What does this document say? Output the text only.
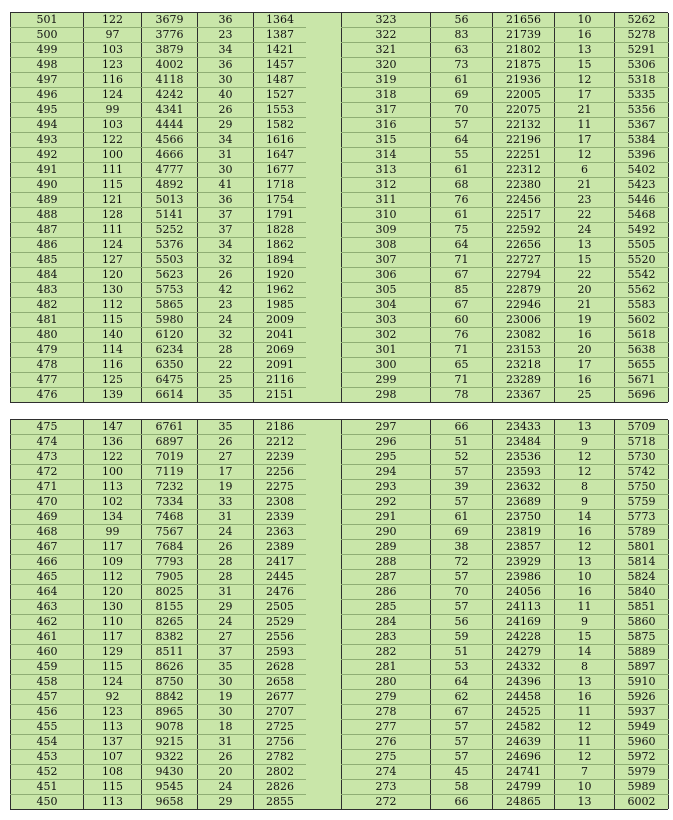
501	122	3679	36	1364
500	97	3776	23	1387
499	103	3879	34	1421
498	123	4002	36	1457
497	116	4118	30	1487
496	124	4242	40	1527
495	99	4341	26	1553
494	103	4444	29	1582
493	122	4566	34	1616
492	100	4666	31	1647
491	111	4777	30	1677
490	115	4892	41	1718
489	121	5013	36	1754
488	128	5141	37	1791
487	111	5252	37	1828
486	124	5376	34	1862
485	127	5503	32	1894
484	120	5623	26	1920
483	130	5753	42	1962
482	112	5865	23	1985
481	115	5980	24	2009
480	140	6120	32	2041
479	114	6234	28	2069
478	116	6350	22	2091
477	125	6475	25	2116
476	139	6614	35	2151
323	56	21656	10	5262
322	83	21739	16	5278
321	63	21802	13	5291
320	73	21875	15	5306
319	61	21936	12	5318
318	69	22005	17	5335
317	70	22075	21	5356
316	57	22132	11	5367
315	64	22196	17	5384
314	55	22251	12	5396
313	61	22312	6	5402
312	68	22380	21	5423
311	76	22456	23	5446
310	61	22517	22	5468
309	75	22592	24	5492
308	64	22656	13	5505
307	71	22727	15	5520
306	67	22794	22	5542
305	85	22879	20	5562
304	67	22946	21	5583
303	60	23006	19	5602
302	76	23082	16	5618
301	71	23153	20	5638
300	65	23218	17	5655
299	71	23289	16	5671
298	78	23367	25	5696
475	147	6761	35	2186
474	136	6897	26	2212
473	122	7019	27	2239
472	100	7119	17	2256
471	113	7232	19	2275
470	102	7334	33	2308
469	134	7468	31	2339
468	99	7567	24	2363
467	117	7684	26	2389
466	109	7793	28	2417
465	112	7905	28	2445
464	120	8025	31	2476
463	130	8155	29	2505
462	110	8265	24	2529
461	117	8382	27	2556
460	129	8511	37	2593
459	115	8626	35	2628
458	124	8750	30	2658
457	92	8842	19	2677
456	123	8965	30	2707
455	113	9078	18	2725
454	137	9215	31	2756
453	107	9322	26	2782
452	108	9430	20	2802
451	115	9545	24	2826
450	113	9658	29	2855
297	66	23433	13	5709
296	51	23484	9	5718
295	52	23536	12	5730
294	57	23593	12	5742
293	39	23632	8	5750
292	57	23689	9	5759
291	61	23750	14	5773
290	69	23819	16	5789
289	38	23857	12	5801
288	72	23929	13	5814
287	57	23986	10	5824
286	70	24056	16	5840
285	57	24113	11	5851
284	56	24169	9	5860
283	59	24228	15	5875
282	51	24279	14	5889
281	53	24332	8	5897
280	64	24396	13	5910
279	62	24458	16	5926
278	67	24525	11	5937
277	57	24582	12	5949
276	57	24639	11	5960
275	57	24696	12	5972
274	45	24741	7	5979
273	58	24799	10	5989
272	66	24865	13	6002
